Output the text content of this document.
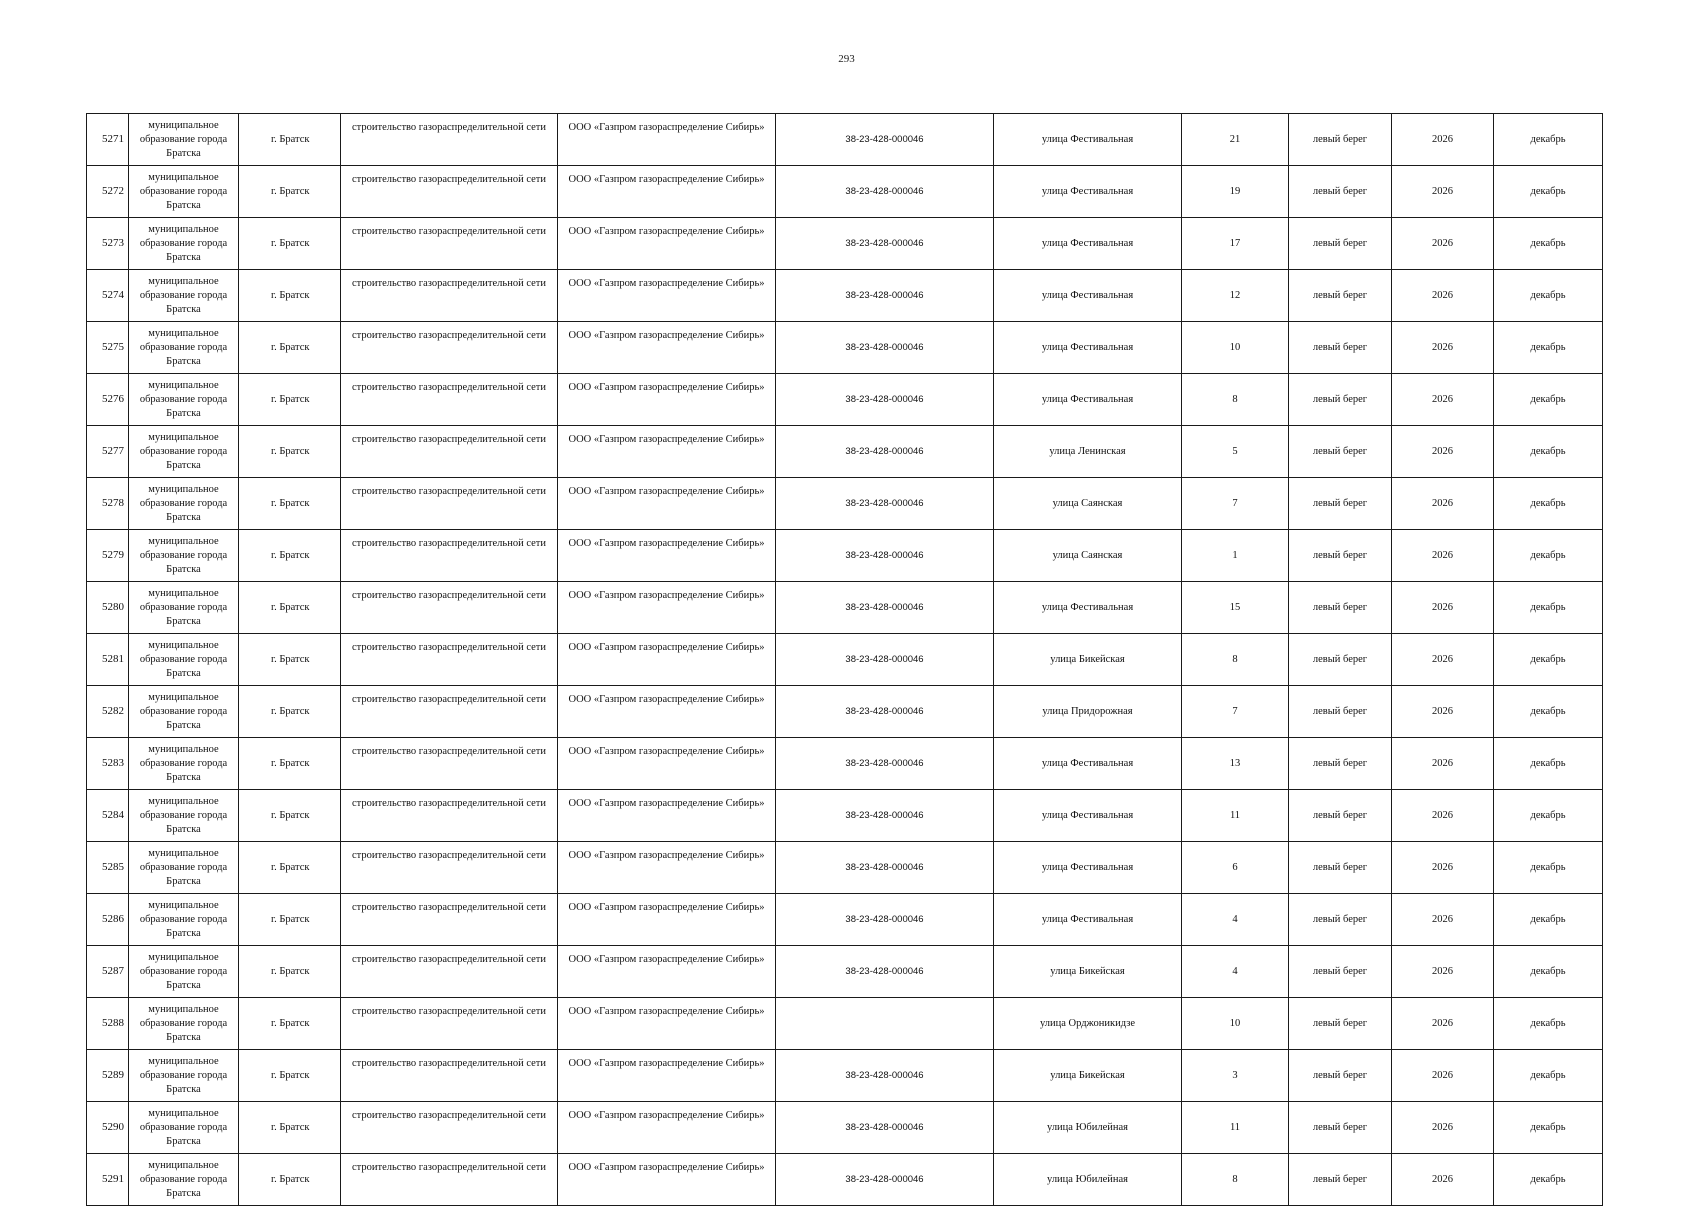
293
5271	муниципальное образование города Братска	г. Братск	строительство газораспределительной сети	ООО «Газпром газораспределение Сибирь»	38-23-428-000046	улица Фестивальная	21	левый берег	2026	декабрь
5272	муниципальное образование города Братска	г. Братск	строительство газораспределительной сети	ООО «Газпром газораспределение Сибирь»	38-23-428-000046	улица Фестивальная	19	левый берег	2026	декабрь
5273	муниципальное образование города Братска	г. Братск	строительство газораспределительной сети	ООО «Газпром газораспределение Сибирь»	38-23-428-000046	улица Фестивальная	17	левый берег	2026	декабрь
5274	муниципальное образование города Братска	г. Братск	строительство газораспределительной сети	ООО «Газпром газораспределение Сибирь»	38-23-428-000046	улица Фестивальная	12	левый берег	2026	декабрь
5275	муниципальное образование города Братска	г. Братск	строительство газораспределительной сети	ООО «Газпром газораспределение Сибирь»	38-23-428-000046	улица Фестивальная	10	левый берег	2026	декабрь
5276	муниципальное образование города Братска	г. Братск	строительство газораспределительной сети	ООО «Газпром газораспределение Сибирь»	38-23-428-000046	улица Фестивальная	8	левый берег	2026	декабрь
5277	муниципальное образование города Братска	г. Братск	строительство газораспределительной сети	ООО «Газпром газораспределение Сибирь»	38-23-428-000046	улица Ленинская	5	левый берег	2026	декабрь
5278	муниципальное образование города Братска	г. Братск	строительство газораспределительной сети	ООО «Газпром газораспределение Сибирь»	38-23-428-000046	улица Саянская	7	левый берег	2026	декабрь
5279	муниципальное образование города Братска	г. Братск	строительство газораспределительной сети	ООО «Газпром газораспределение Сибирь»	38-23-428-000046	улица Саянская	1	левый берег	2026	декабрь
5280	муниципальное образование города Братска	г. Братск	строительство газораспределительной сети	ООО «Газпром газораспределение Сибирь»	38-23-428-000046	улица Фестивальная	15	левый берег	2026	декабрь
5281	муниципальное образование города Братска	г. Братск	строительство газораспределительной сети	ООО «Газпром газораспределение Сибирь»	38-23-428-000046	улица Бикейская	8	левый берег	2026	декабрь
5282	муниципальное образование города Братска	г. Братск	строительство газораспределительной сети	ООО «Газпром газораспределение Сибирь»	38-23-428-000046	улица Придорожная	7	левый берег	2026	декабрь
5283	муниципальное образование города Братска	г. Братск	строительство газораспределительной сети	ООО «Газпром газораспределение Сибирь»	38-23-428-000046	улица Фестивальная	13	левый берег	2026	декабрь
5284	муниципальное образование города Братска	г. Братск	строительство газораспределительной сети	ООО «Газпром газораспределение Сибирь»	38-23-428-000046	улица Фестивальная	11	левый берег	2026	декабрь
5285	муниципальное образование города Братска	г. Братск	строительство газораспределительной сети	ООО «Газпром газораспределение Сибирь»	38-23-428-000046	улица Фестивальная	6	левый берег	2026	декабрь
5286	муниципальное образование города Братска	г. Братск	строительство газораспределительной сети	ООО «Газпром газораспределение Сибирь»	38-23-428-000046	улица Фестивальная	4	левый берег	2026	декабрь
5287	муниципальное образование города Братска	г. Братск	строительство газораспределительной сети	ООО «Газпром газораспределение Сибирь»	38-23-428-000046	улица Бикейская	4	левый берег	2026	декабрь
5288	муниципальное образование города Братска	г. Братск	строительство газораспределительной сети	ООО «Газпром газораспределение Сибирь»		улица Орджоникидзе	10	левый берег	2026	декабрь
5289	муниципальное образование города Братска	г. Братск	строительство газораспределительной сети	ООО «Газпром газораспределение Сибирь»	38-23-428-000046	улица Бикейская	3	левый берег	2026	декабрь
5290	муниципальное образование города Братска	г. Братск	строительство газораспределительной сети	ООО «Газпром газораспределение Сибирь»	38-23-428-000046	улица Юбилейная	11	левый берег	2026	декабрь
5291	муниципальное образование города Братска	г. Братск	строительство газораспределительной сети	ООО «Газпром газораспределение Сибирь»	38-23-428-000046	улица Юбилейная	8	левый берег	2026	декабрь
